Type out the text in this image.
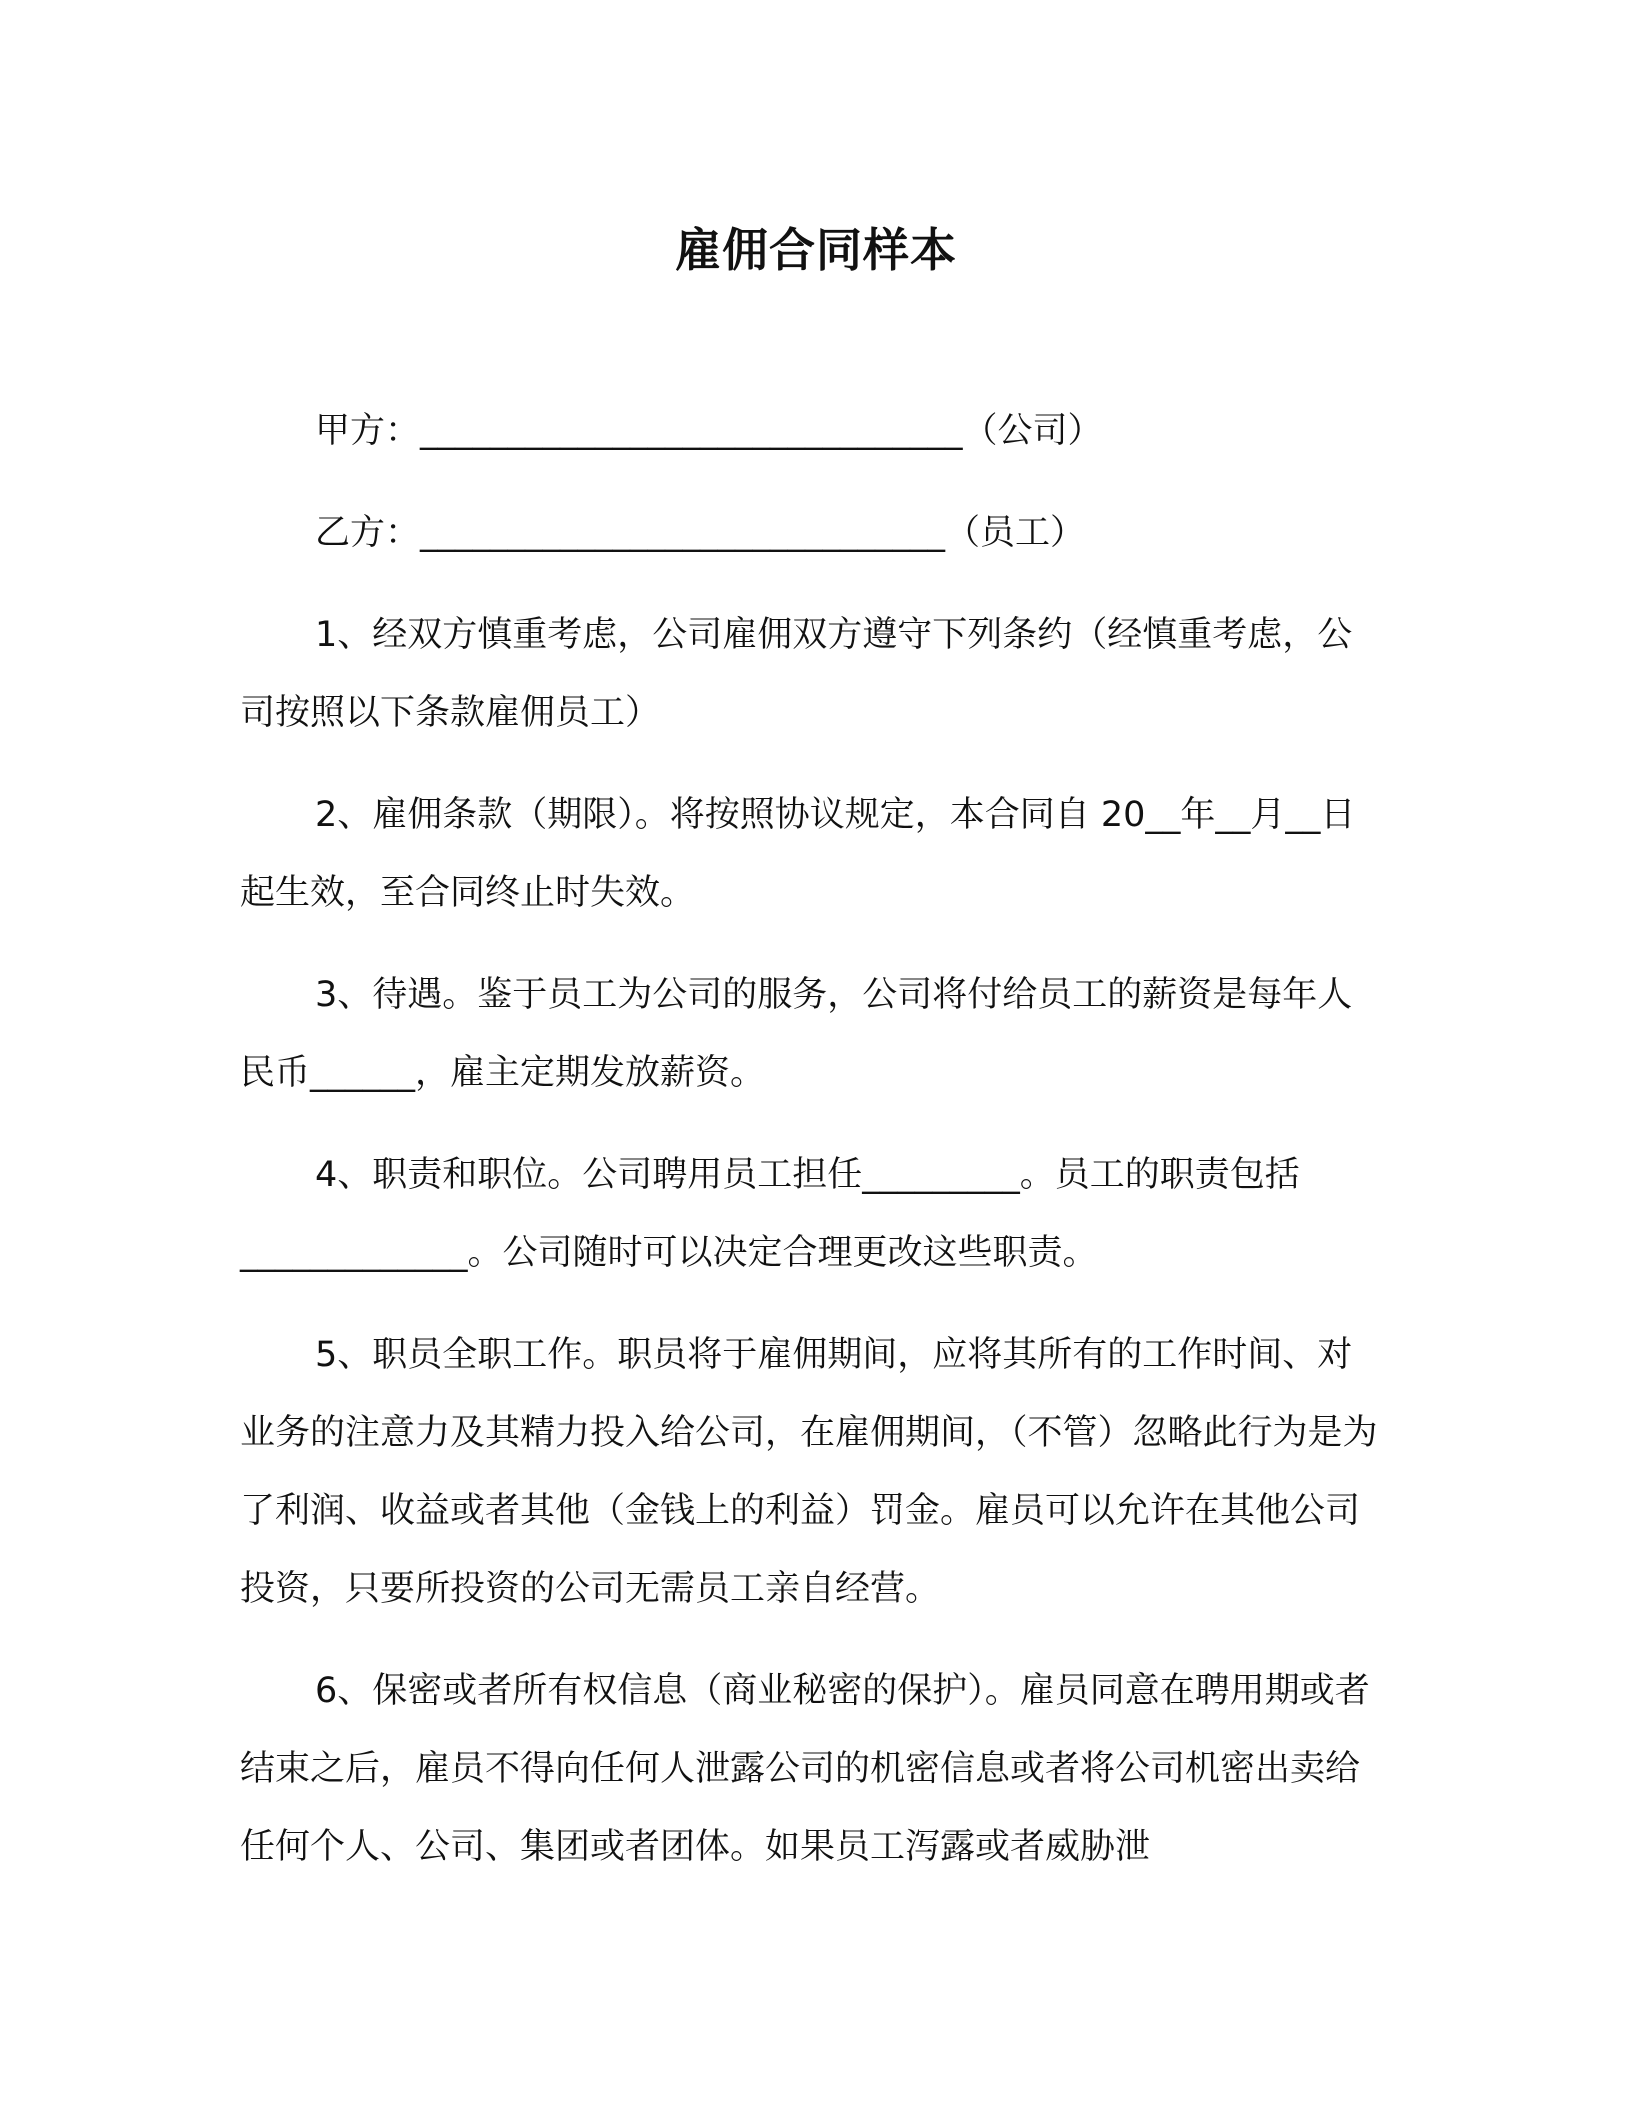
雇佣合同样本

甲方：_______________________________（公司）

乙方：______________________________（员工）

1、经双方慎重考虑，公司雇佣双方遵守下列条约（经慎重考虑，公司按照以下条款雇佣员工）

2、雇佣条款（期限）。将按照协议规定，本合同自 20__年__月__日起生效，至合同终止时失效。

3、待遇。鉴于员工为公司的服务，公司将付给员工的薪资是每年人民币______，雇主定期发放薪资。

4、职责和职位。公司聘用员工担任_________。员工的职责包括_____________。公司随时可以决定合理更改这些职责。

5、职员全职工作。职员将于雇佣期间，应将其所有的工作时间、对业务的注意力及其精力投入给公司，在雇佣期间，（不管）忽略此行为是为了利润、收益或者其他（金钱上的利益）罚金。雇员可以允许在其他公司投资，只要所投资的公司无需员工亲自经营。

6、保密或者所有权信息（商业秘密的保护）。雇员同意在聘用期或者结束之后，雇员不得向任何人泄露公司的机密信息或者将公司机密出卖给任何个人、公司、集团或者团体。如果员工泻露或者威胁泄
